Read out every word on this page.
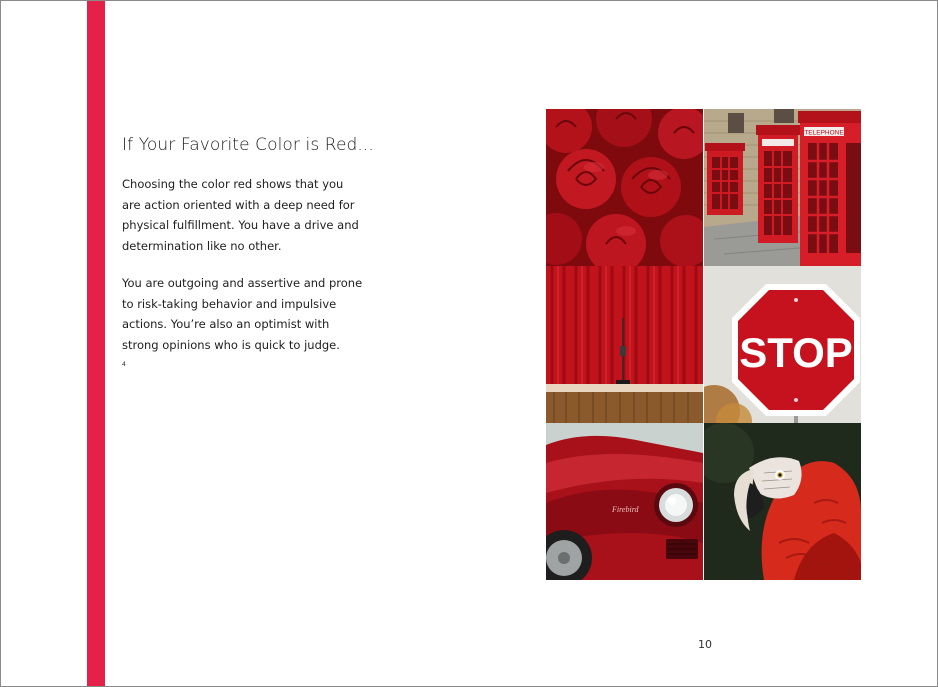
If Your Favorite Color is Red...
Choosing the color red shows that you
are action oriented with a deep need for
physical fulfillment. You have a drive and
determination like no other.
You are outgoing and assertive and prone
to risk-taking behavior and impulsive
actions. You’re also an optimist with
strong opinions who is quick to judge.
$^4$
TELEPHONE
STOP
Firebird
10
